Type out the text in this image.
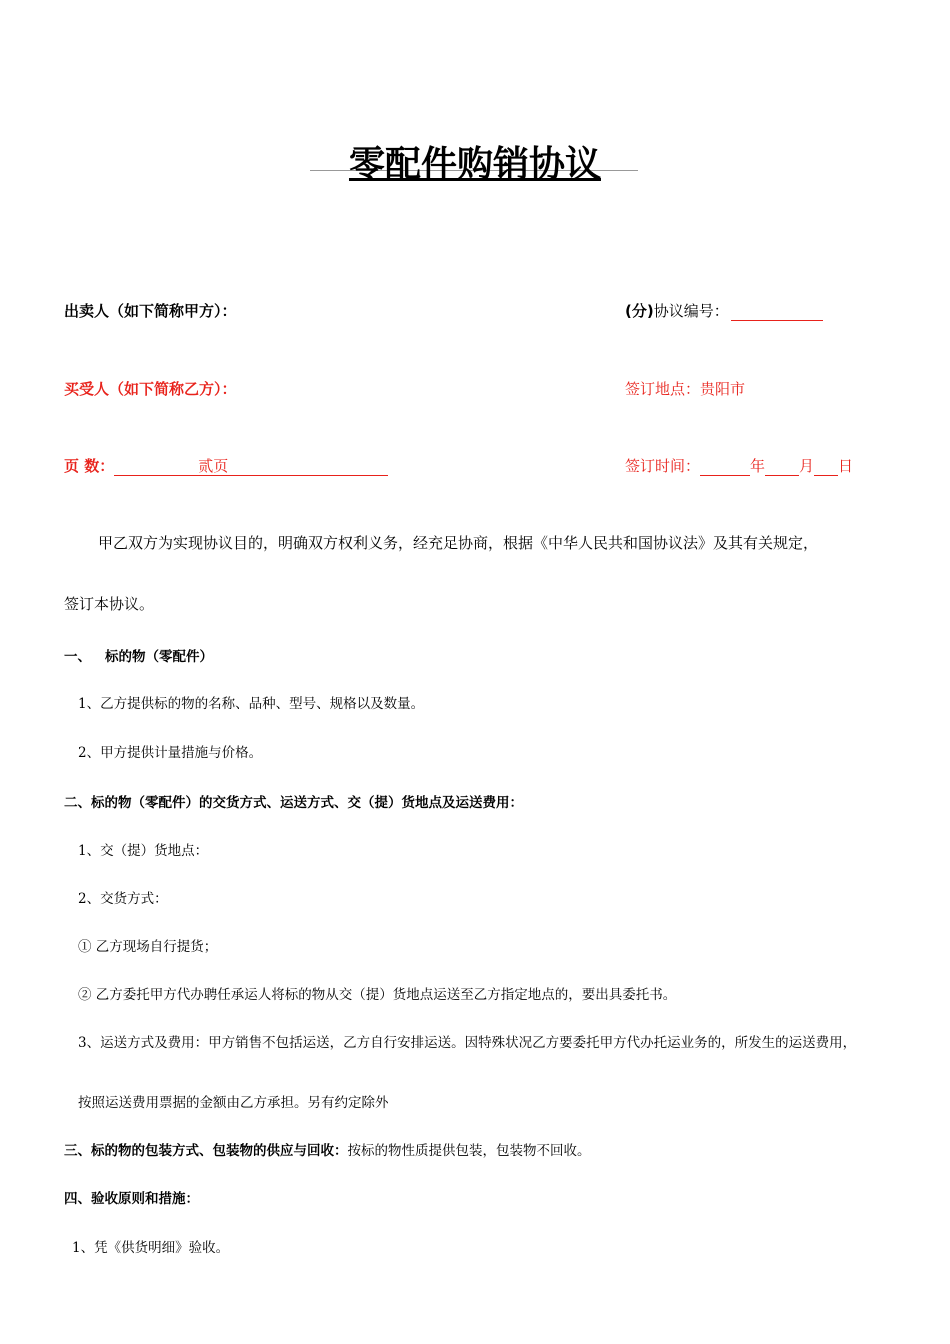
零配件购销协议
出卖人（如下简称甲方）：	(分)协议编号：
买受人（如下简称乙方）：	签订地点：贵阳市
页 数：	贰页	签订时间：	年 月 日
甲乙双方为实现协议目的，明确双方权利义务，经充足协商，根据《中华人民共和国协议法》及其有关规定，
签订本协议。
一、 标的物（零配件）
1、乙方提供标的物的名称、品种、型号、规格以及数量。
2、甲方提供计量措施与价格。
二、标的物（零配件）的交货方式、运送方式、交（提）货地点及运送费用：
1、交（提）货地点：
2、交货方式：
① 乙方现场自行提货；
② 乙方委托甲方代办聘任承运人将标的物从交（提）货地点运送至乙方指定地点的，要出具委托书。
3、运送方式及费用：甲方销售不包括运送，乙方自行安排运送。因特殊状况乙方要委托甲方代办托运业务的，所发生的运送费用，
按照运送费用票据的金额由乙方承担。另有约定除外
三、标的物的包装方式、包装物的供应与回收：按标的物性质提供包装，包装物不回收。
四、验收原则和措施：
1、凭《供货明细》验收。
